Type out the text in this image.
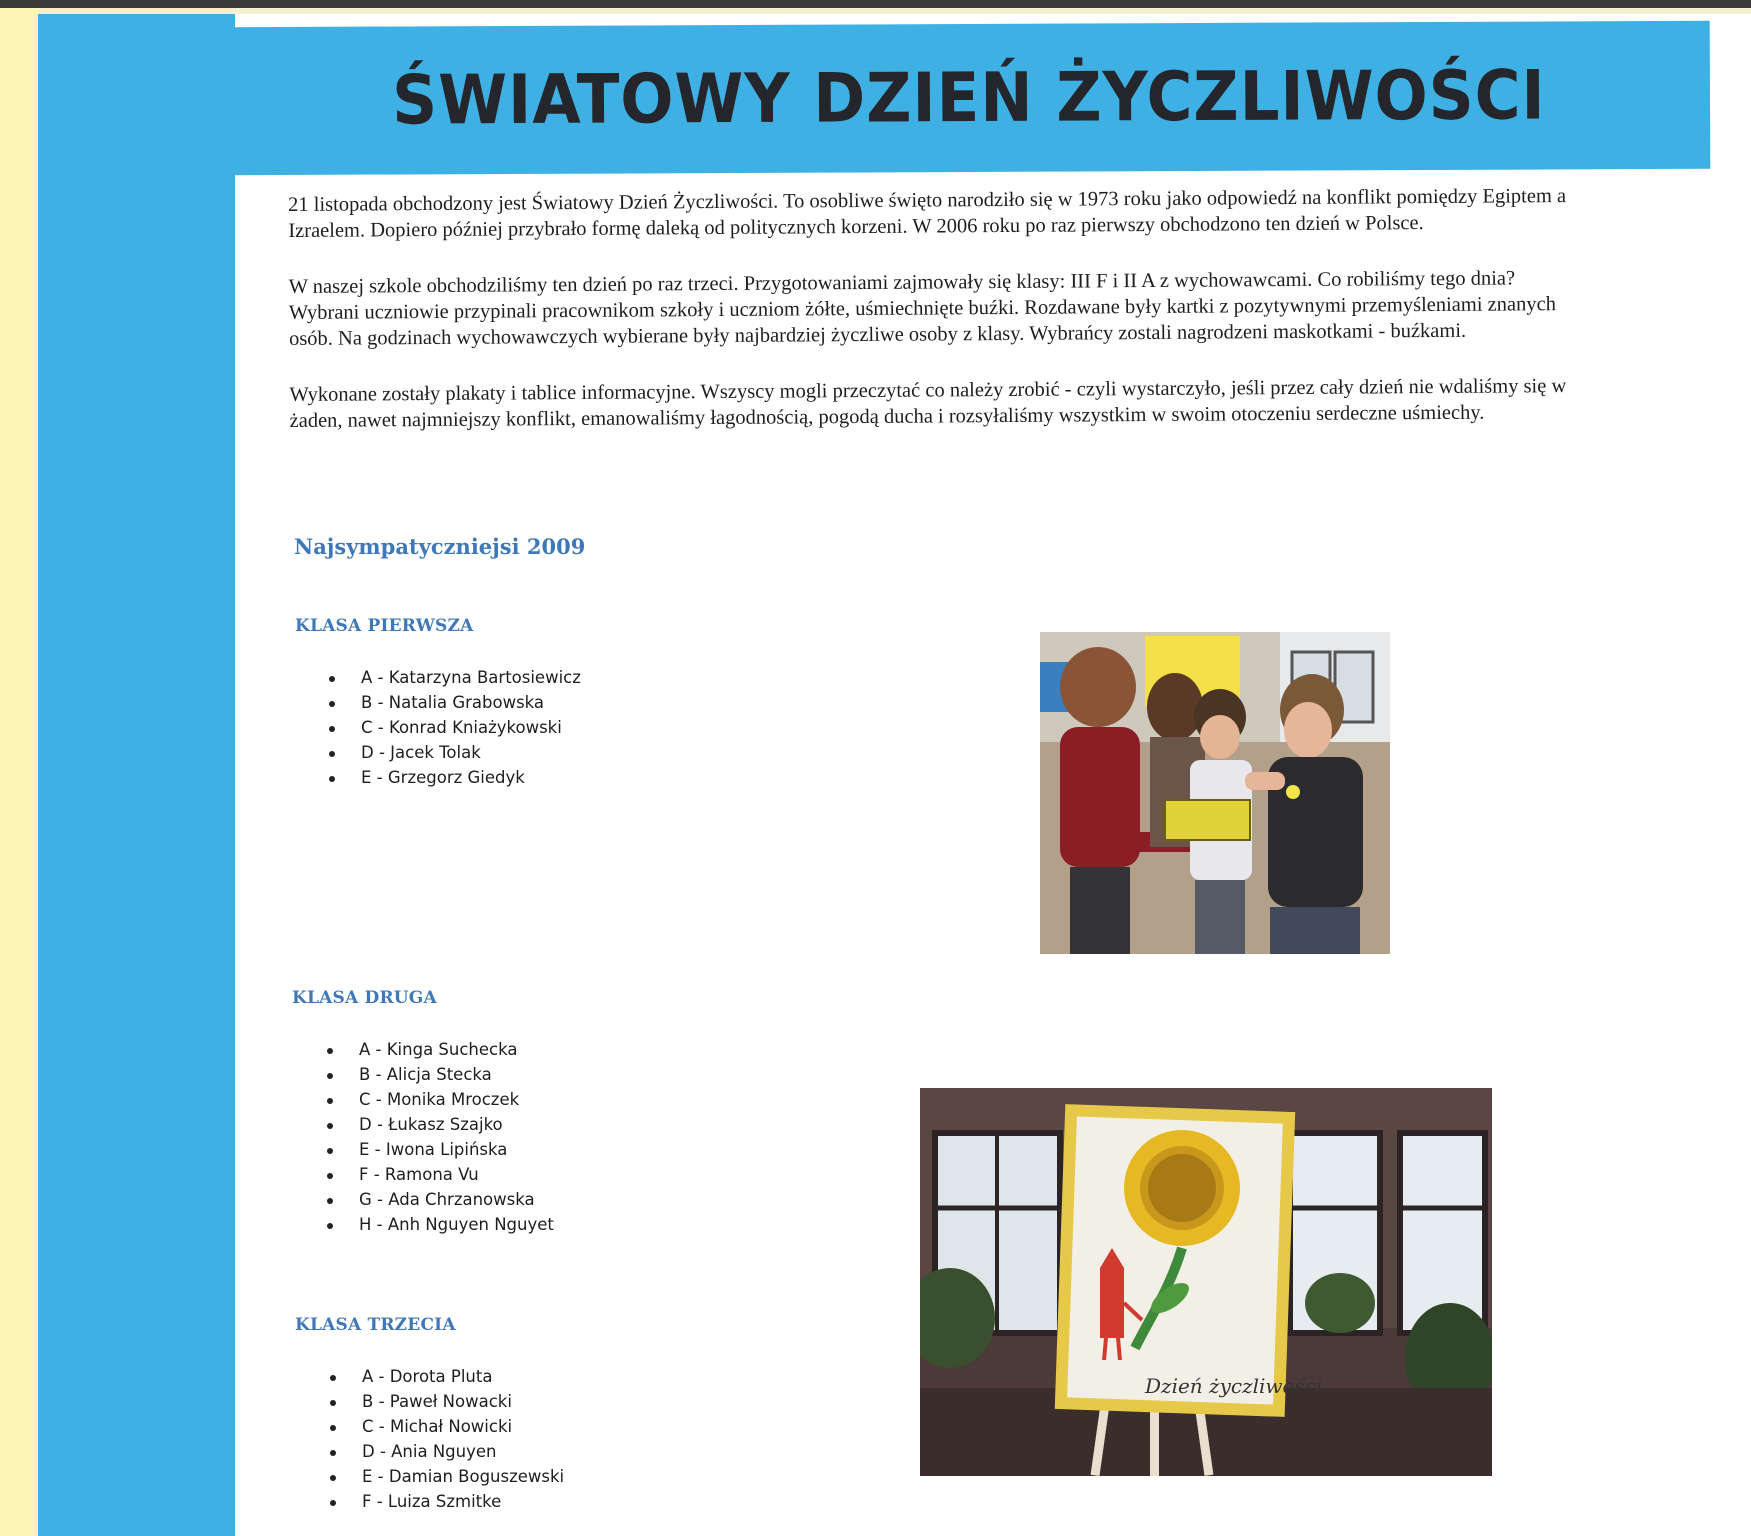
ŚWIATOWY DZIEŃ ŻYCZLIWOŚCI

21 listopada obchodzony jest Światowy Dzień Życzliwości. To osobliwe święto narodziło się w 1973 roku jako odpowiedź na konflikt pomiędzy Egiptem a Izraelem. Dopiero później przybrało formę daleką od politycznych korzeni. W 2006 roku po raz pierwszy obchodzono ten dzień w Polsce.

W naszej szkole obchodziliśmy ten dzień po raz trzeci. Przygotowaniami zajmowały się klasy: III F i II A z wychowawcami. Co robiliśmy tego dnia? Wybrani uczniowie przypinali pracownikom szkoły i uczniom żółte, uśmiechnięte buźki. Rozdawane były kartki z pozytywnymi przemyśleniami znanych osób. Na godzinach wychowawczych wybierane były najbardziej życzliwe osoby z klasy. Wybrańcy zostali nagrodzeni maskotkami - buźkami.

Wykonane zostały plakaty i tablice informacyjne. Wszyscy mogli przeczytać co należy zrobić - czyli wystarczyło, jeśli przez cały dzień nie wdaliśmy się w żaden, nawet najmniejszy konflikt, emanowaliśmy łagodnością, pogodą ducha i rozsyłaliśmy wszystkim w swoim otoczeniu serdeczne uśmiechy.

Najsympatyczniejsi 2009
KLASA PIERWSZA
A - Katarzyna Bartosiewicz
B - Natalia Grabowska
C - Konrad Kniażykowski
D - Jacek Tolak
E - Grzegorz Giedyk
KLASA DRUGA
A - Kinga Suchecka
B - Alicja Stecka
C - Monika Mroczek
D - Łukasz Szajko
E - Iwona Lipińska
F - Ramona Vu
G - Ada Chrzanowska
H - Anh Nguyen Nguyet
KLASA TRZECIA
A - Dorota Pluta
B - Paweł Nowacki
C - Michał Nowicki
D - Ania Nguyen
E - Damian Boguszewski
F - Luiza Szmitke
Dzień życzliwości
